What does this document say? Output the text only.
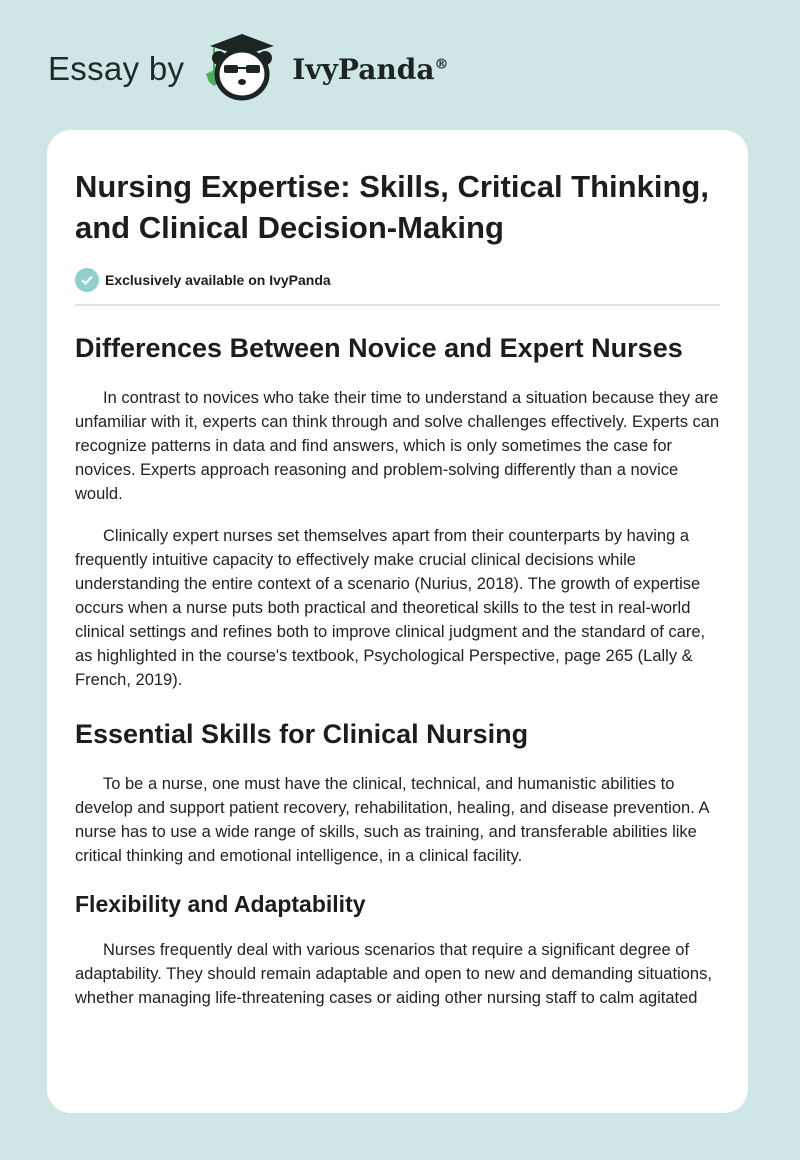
Essay by	IvyPanda®
Nursing Expertise: Skills, Critical Thinking, and Clinical Decision-Making
Exclusively available on IvyPanda
Differences Between Novice and Expert Nurses

In contrast to novices who take their time to understand a situation because they are unfamiliar with it, experts can think through and solve challenges effectively. Experts can recognize patterns in data and find answers, which is only sometimes the case for novices. Experts approach reasoning and problem-solving differently than a novice would.

Clinically expert nurses set themselves apart from their counterparts by having a frequently intuitive capacity to effectively make crucial clinical decisions while understanding the entire context of a scenario (Nurius, 2018). The growth of expertise occurs when a nurse puts both practical and theoretical skills to the test in real-world clinical settings and refines both to improve clinical judgment and the standard of care, as highlighted in the course's textbook, Psychological Perspective, page 265 (Lally & French, 2019).

Essential Skills for Clinical Nursing

To be a nurse, one must have the clinical, technical, and humanistic abilities to develop and support patient recovery, rehabilitation, healing, and disease prevention. A nurse has to use a wide range of skills, such as training, and transferable abilities like critical thinking and emotional intelligence, in a clinical facility.

Flexibility and Adaptability

Nurses frequently deal with various scenarios that require a significant degree of adaptability. They should remain adaptable and open to new and demanding situations, whether managing life-threatening cases or aiding other nursing staff to calm agitated
